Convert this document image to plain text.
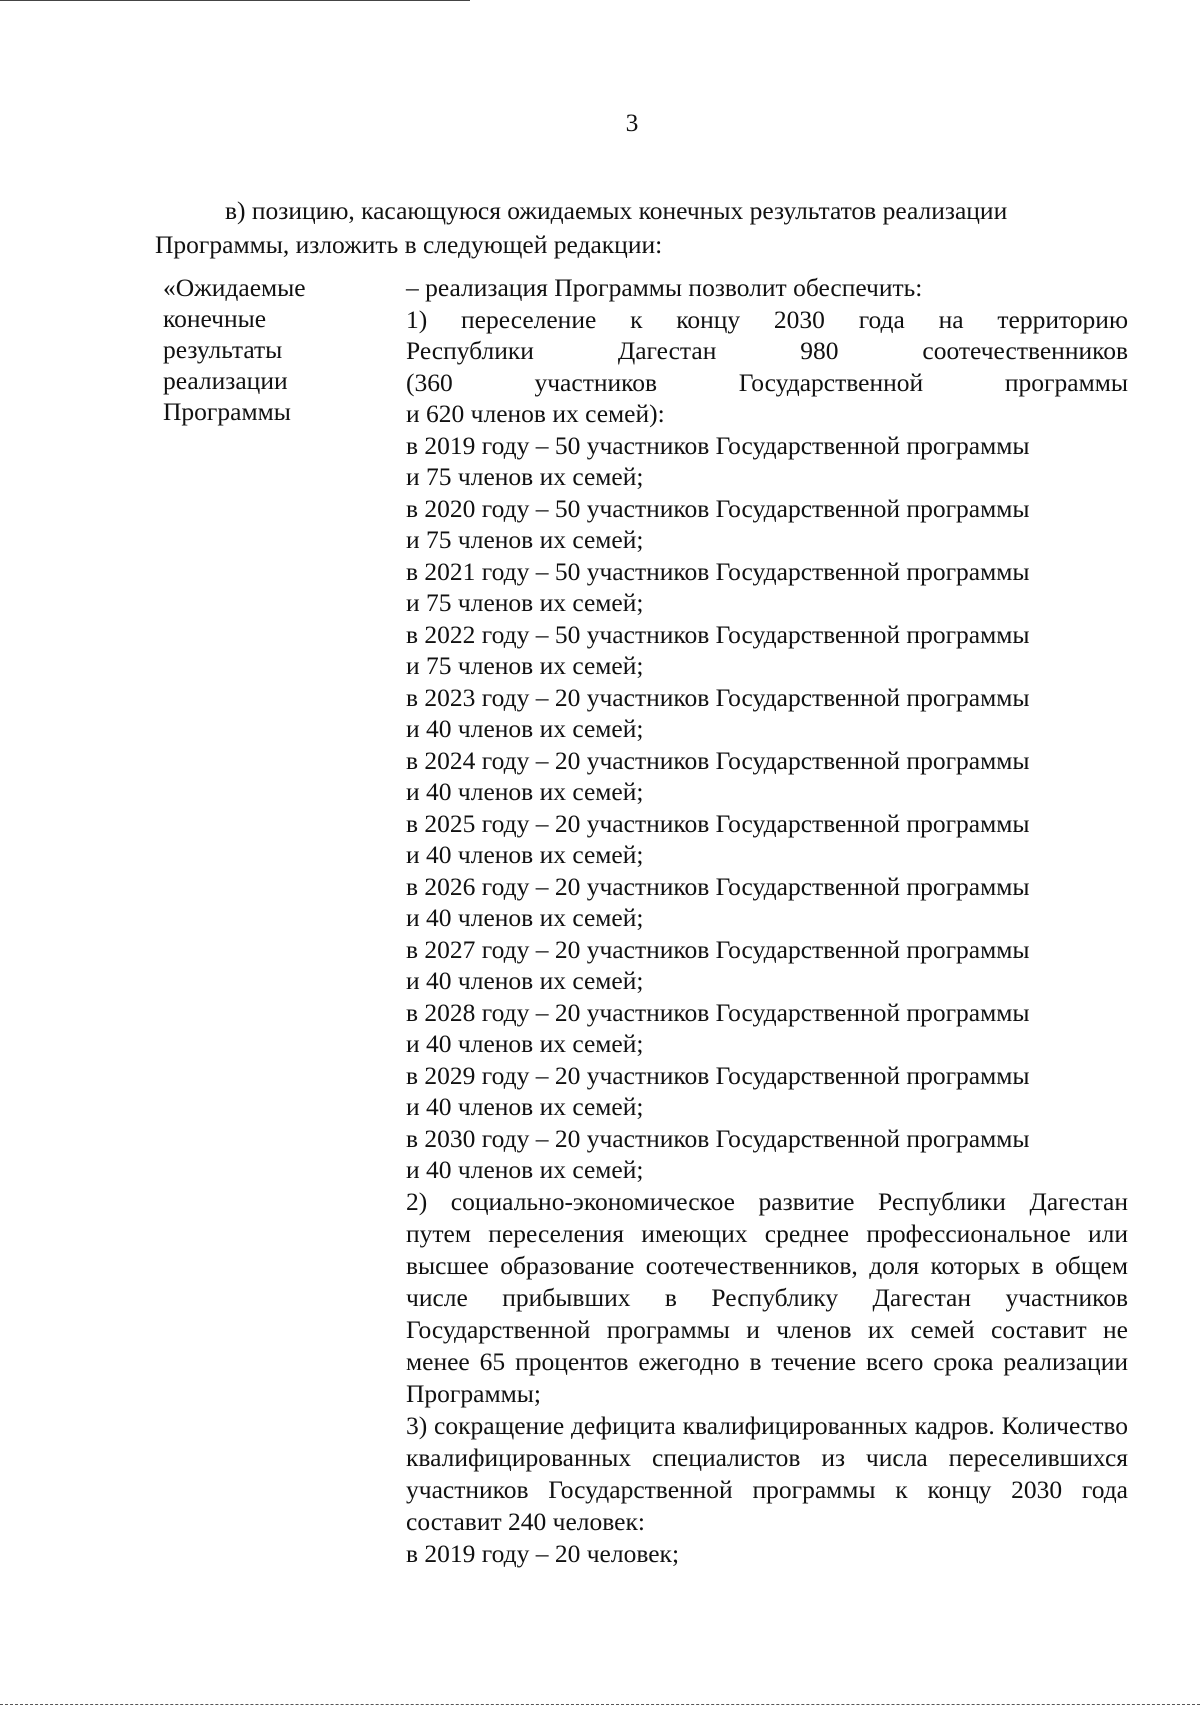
3
в) позицию, касающуюся ожидаемых конечных результатов реализации
Программы, изложить в следующей редакции:
«Ожидаемые
конечные
результаты
реализации
Программы
– реализация Программы позволит обеспечить:
1) переселение к концу 2030 года на территорию
Республики Дагестан 980 соотечественников
(360 участников Государственной программы
и 620 членов их семей):
в 2019 году – 50 участников Государственной программы
и 75 членов их семей;
в 2020 году – 50 участников Государственной программы
и 75 членов их семей;
в 2021 году – 50 участников Государственной программы
и 75 членов их семей;
в 2022 году – 50 участников Государственной программы
и 75 членов их семей;
в 2023 году – 20 участников Государственной программы
и 40 членов их семей;
в 2024 году – 20 участников Государственной программы
и 40 членов их семей;
в 2025 году – 20 участников Государственной программы
и 40 членов их семей;
в 2026 году – 20 участников Государственной программы
и 40 членов их семей;
в 2027 году – 20 участников Государственной программы
и 40 членов их семей;
в 2028 году – 20 участников Государственной программы
и 40 членов их семей;
в 2029 году – 20 участников Государственной программы
и 40 членов их семей;
в 2030 году – 20 участников Государственной программы
и 40 членов их семей;
2) социально-экономическое развитие Республики Дагестан путем переселения имеющих среднее профессиональное или высшее образование соотечественников, доля которых в общем числе прибывших в Республику Дагестан участников Государственной программы и членов их семей составит не менее 65 процентов ежегодно в течение всего срока реализации Программы;
3) сокращение дефицита квалифицированных кадров. Количество квалифицированных специалистов из числа переселившихся участников Государственной программы к концу 2030 года составит 240 человек:
в 2019 году – 20 человек;
